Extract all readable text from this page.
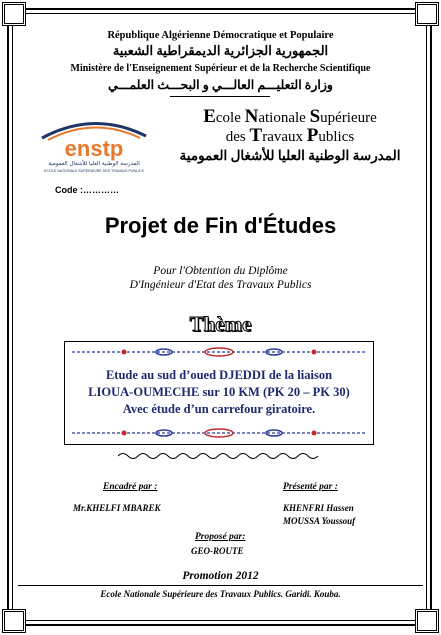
République Algérienne Démocratique et Populaire
الجمهورية الجزائرية الديمقراطية الشعبية
Ministère de l'Enseignement Supérieur et de la Recherche Scientifique
وزارة التعليـــم العالـــي و البحـــث العلمـــي
enstp
المدرسة الوطنية العليا للأشغال العمومية
ECOLE NATIONALE SUPERIEURE DES TRAVAUX PUBLICS
Ecole Nationale Supérieure
des Travaux Publics
المدرسة الوطنية العليا للأشغال العمومية
Code :…………
Projet de Fin d'Études
Pour l'Obtention du Diplôme
D'Ingénieur d'Etat des Travaux Publics
Thème
Etude au sud d’oued DJEDDI de la liaison
LIOUA-OUMECHE sur 10 KM (PK 20 – PK 30)
Avec étude d’un carrefour giratoire.
Encadré par :
Mr.KHELFI MBAREK
Présenté par :
KHENFRI Hassen
MOUSSA Youssouf
Proposé par:
GEO-ROUTE
Promotion 2012
Ecole Nationale Supérieure des Travaux Publics. Garidi. Kouba.
